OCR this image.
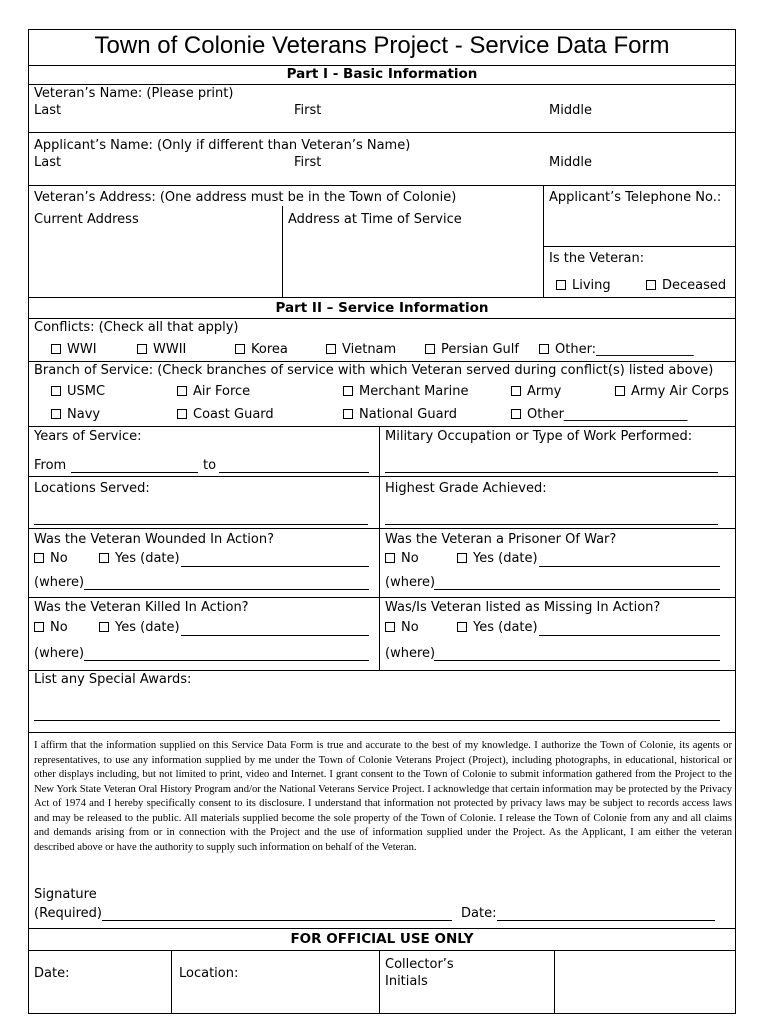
Town of Colonie Veterans Project - Service Data Form
Part I - Basic Information
Veteran’s Name: (Please print)
Last	First	Middle
Applicant’s Name: (Only if different than Veteran’s Name)
Last	First	Middle
Veteran’s Address: (One address must be in the Town of Colonie)
Current Address	Address at Time of Service
Applicant’s Telephone No.:
Is the Veteran:
Living	Deceased
Part II – Service Information
Conflicts: (Check all that apply)
WWI	WWII	Korea	Vietnam	Persian Gulf	Other:_______________
Branch of Service: (Check branches of service with which Veteran served during conflict(s) listed above)
USMC	Air Force	Merchant Marine	Army	Army Air Corps
Navy	Coast Guard	National Guard	Other___________________
Years of Service:
From	to
Military Occupation or Type of Work Performed:
Locations Served:	Highest Grade Achieved:
Was the Veteran Wounded In Action?
No	Yes (date)
(where)
Was the Veteran a Prisoner Of War?
No	Yes (date)
(where)
Was the Veteran Killed In Action?
No	Yes (date)
(where)
Was/Is Veteran listed as Missing In Action?
No	Yes (date)
(where)
List any Special Awards:
I affirm that the information supplied on this Service Data Form is true and accurate to the best of my knowledge. I authorize the Town of Colonie, its agents or representatives, to use any information supplied by me under the Town of Colonie Veterans Project (Project), including photographs, in educational, historical or other displays including, but not limited to print, video and Internet. I grant consent to the Town of Colonie to submit information gathered from the Project to the New York State Veteran Oral History Program and/or the National Veterans Service Project. I acknowledge that certain information may be protected by the Privacy Act of 1974 and I hereby specifically consent to its disclosure. I understand that information not protected by privacy laws may be subject to records access laws and may be released to the public. All materials supplied become the sole property of the Town of Colonie. I release the Town of Colonie from any and all claims and demands arising from or in connection with the Project and the use of information supplied under the Project. As the Applicant, I am either the veteran described above or have the authority to supply such information on behalf of the Veteran.
Signature
(Required)	Date:
FOR OFFICIAL USE ONLY
Date:	Location:
Collector’s
Initials
